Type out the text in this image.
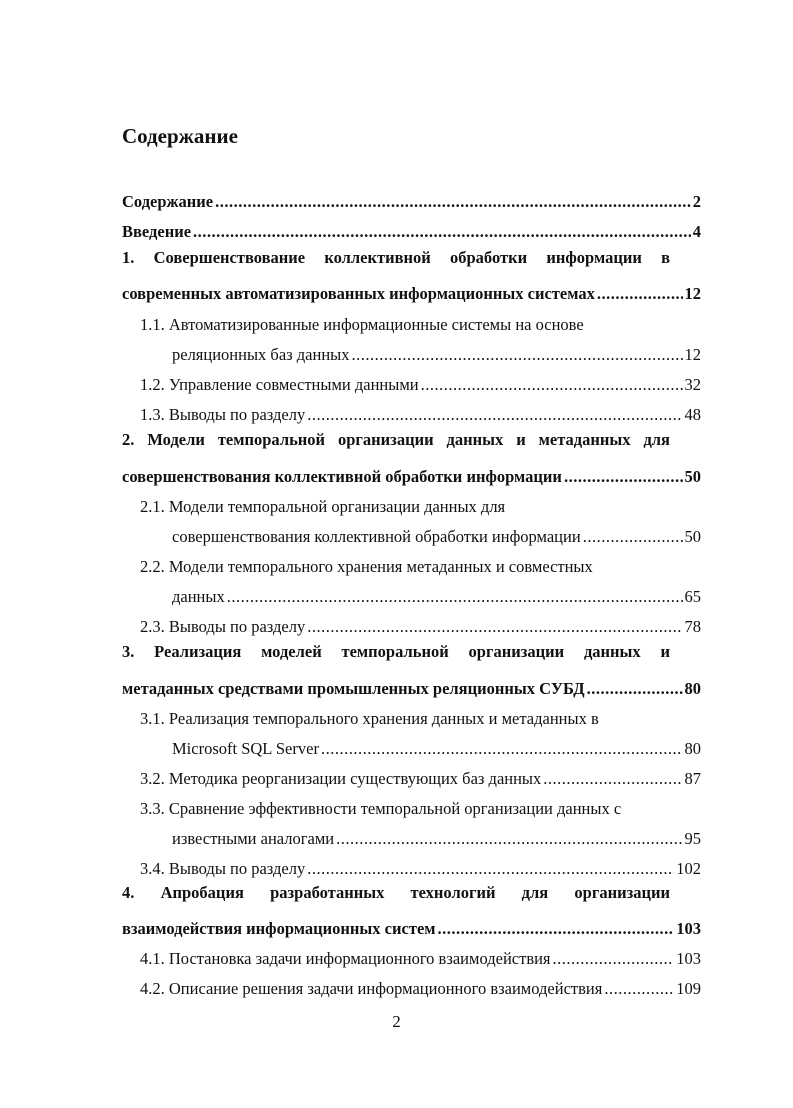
Содержание
Содержание .....	2
Введение .....	4
1. Совершенствование коллективной обработки информации в
современных автоматизированных информационных системах .....	12
1.1. Автоматизированные информационные системы на основе
реляционных баз данных .....	12
1.2. Управление совместными данными .....	32
1.3. Выводы по разделу .....	48
2. Модели темпоральной организации данных и метаданных для
совершенствования коллективной обработки информации .....	50
2.1. Модели темпоральной организации данных для
совершенствования коллективной обработки информации .....	50
2.2. Модели темпорального хранения метаданных и совместных
данных .....	65
2.3. Выводы по разделу .....	78
3. Реализация моделей темпоральной организации данных и
метаданных средствами промышленных реляционных СУБД .....	80
3.1. Реализация темпорального хранения данных и метаданных в
Microsoft SQL Server .....	80
3.2. Методика реорганизации существующих баз данных .....	87
3.3. Сравнение эффективности темпоральной организации данных с
известными аналогами .....	95
3.4. Выводы по разделу .....	102
4. Апробация разработанных технологий для организации
взаимодействия информационных систем .....	103
4.1. Постановка задачи информационного взаимодействия .....	103
4.2. Описание решения задачи информационного взаимодействия .....	109
2
